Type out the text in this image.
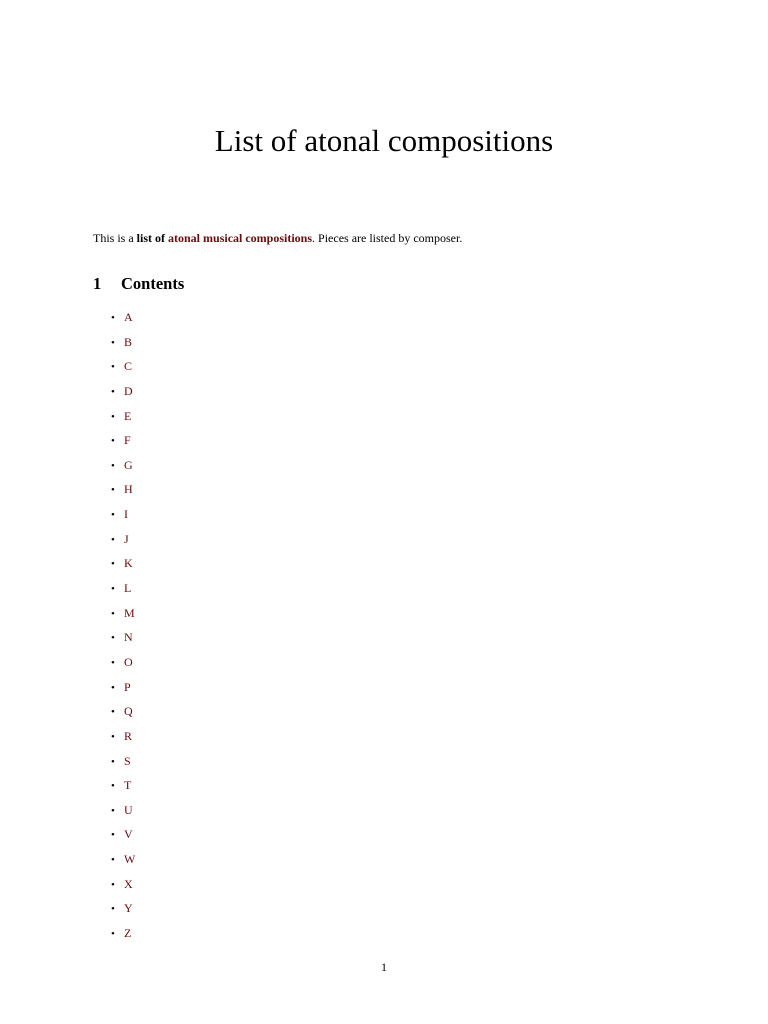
List of atonal compositions

This is a list of atonal musical compositions. Pieces are listed by composer.

1 Contents
• A
• B
• C
• D
• E
• F
• G
• H
• I
• J
• K
• L
• M
• N
• O
• P
• Q
• R
• S
• T
• U
• V
• W
• X
• Y
• Z

1
